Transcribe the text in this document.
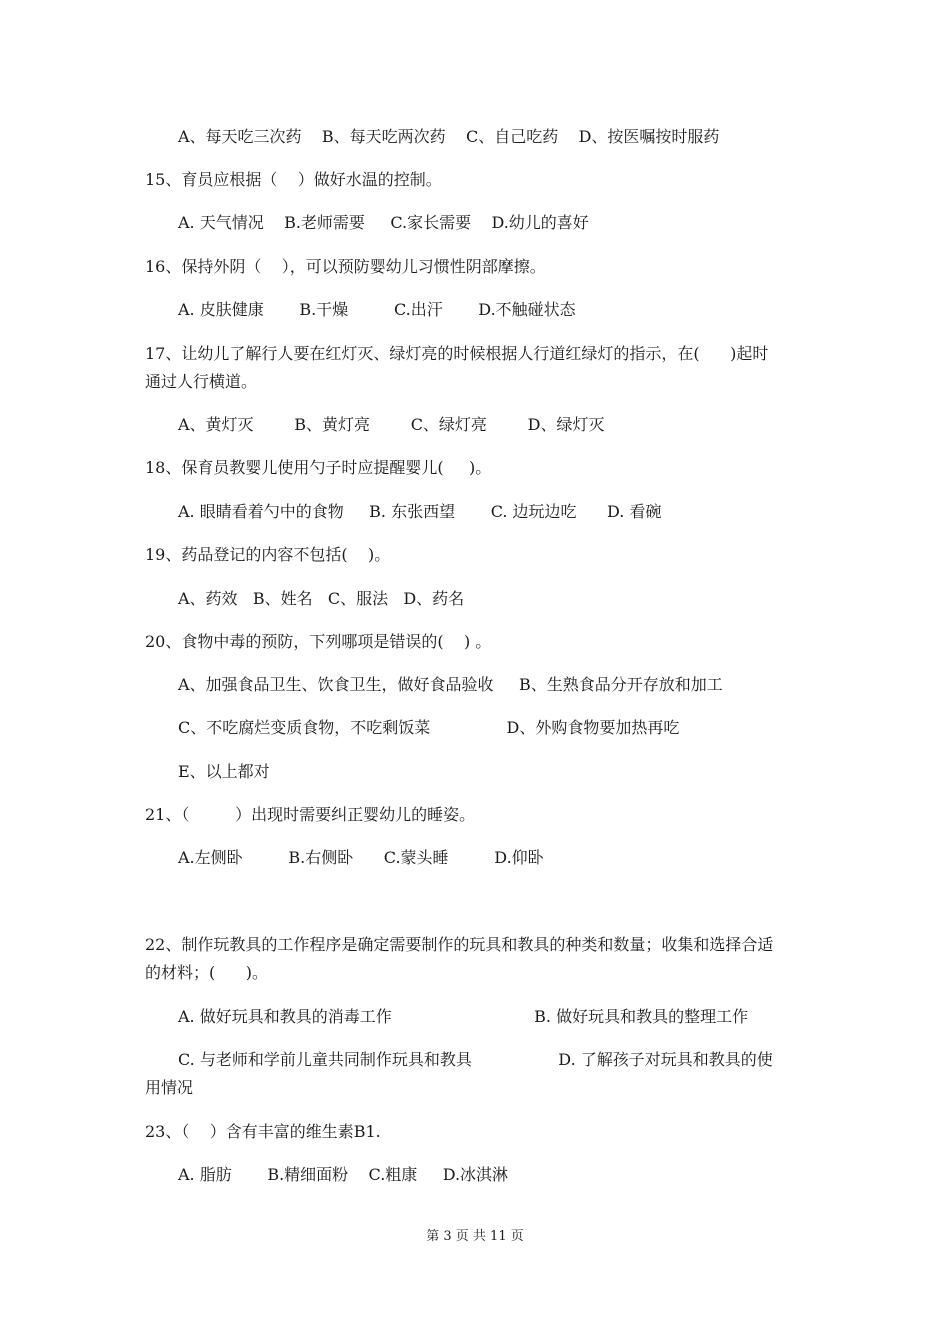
A、每天吃三次药    B、每天吃两次药    C、自己吃药    D、按医嘱按时服药
15、育员应根据（    ）做好水温的控制。
A. 天气情况    B.老师需要     C.家长需要    D.幼儿的喜好
16、保持外阴（    ），可以预防婴幼儿习惯性阴部摩擦。
A. 皮肤健康       B.干燥         C.出汗       D.不触碰状态
17、让幼儿了解行人要在红灯灭、绿灯亮的时候根据人行道红绿灯的指示，在(      )起时
通过人行横道。
A、黄灯灭        B、黄灯亮        C、绿灯亮        D、绿灯灭
18、保育员教婴儿使用勺子时应提醒婴儿(     )。
A. 眼睛看着勺中的食物     B. 东张西望       C. 边玩边吃      D. 看碗
19、药品登记的内容不包括(    )。
A、药效   B、姓名   C、服法   D、药名
20、食物中毒的预防，下列哪项是错误的(    ) 。
A、加强食品卫生、饮食卫生，做好食品验收     B、生熟食品分开存放和加工
C、不吃腐烂变质食物，不吃剩饭菜               D、外购食物要加热再吃
E、以上都对
21、（         ）出现时需要纠正婴幼儿的睡姿。
A.左侧卧         B.右侧卧      C.蒙头睡         D.仰卧
22、制作玩教具的工作程序是确定需要制作的玩具和教具的种类和数量；收集和选择合适
的材料；(      )。
A. 做好玩具和教具的消毒工作                            B. 做好玩具和教具的整理工作
C. 与老师和学前儿童共同制作玩具和教具                 D. 了解孩子对玩具和教具的使
用情况
23、（    ）含有丰富的维生素B1.
A. 脂肪       B.精细面粉    C.粗康     D.冰淇淋
第 3 页 共 11 页
